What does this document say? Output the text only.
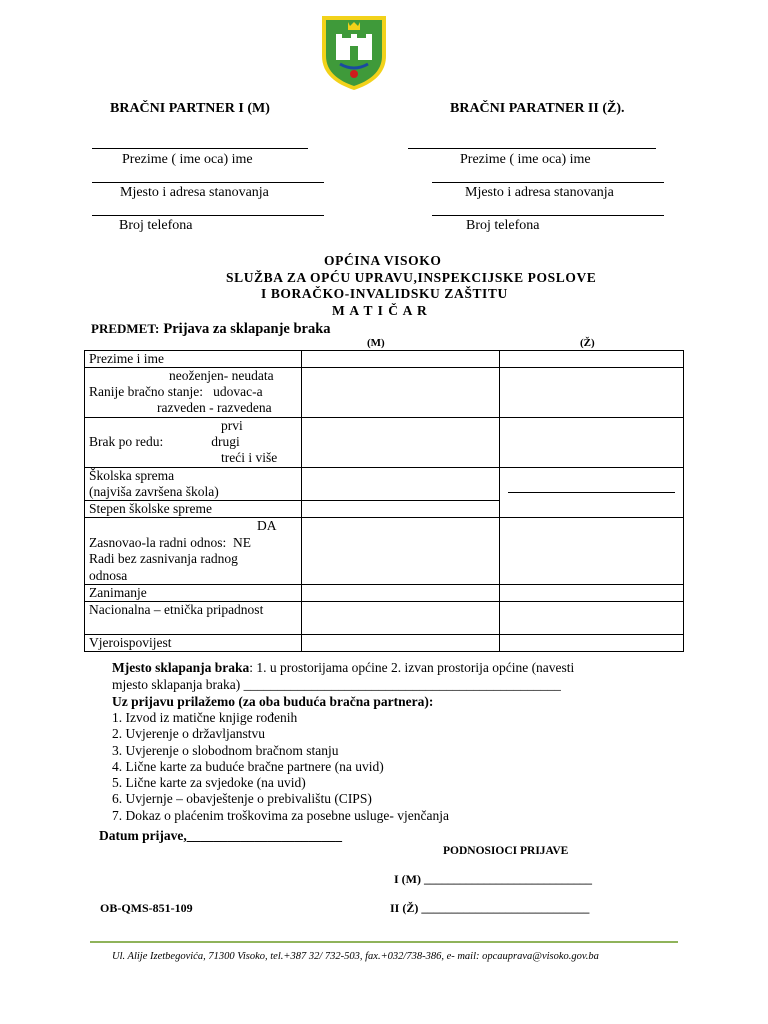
BRAČNI PARTNER I (M)	BRAČNI PARATNER II (Ž).
Prezime ( ime oca) ime	Prezime ( ime oca) ime
Mjesto i adresa stanovanja	Mjesto i adresa stanovanja
Broj telefona	Broj telefona
OPĆINA VISOKO
SLUŽBA ZA OPĆU UPRAVU,INSPEKCIJSKE POSLOVE
I BORAČKO-INVALIDSKU ZAŠTITU
M A T I Č A R
PREDMET: Prijava za sklapanje braka
(M)	(Ž)
Prezime i ime		

neoženjen- neudata
Ranije bračno stanje: udovac-a
razveden - razvedena		

prvi
Brak po redu: drugi
treći i više		

Školska sprema
(najviša završena škola)		

Stepen školske spreme		

DA
Zasnovao-la radni odnos: NE
Radi bez zasnivanja radnog
odnosa		

Zanimanje		
Nacionalna – etnička pripadnost		
Vjeroispovijest		
Mjesto sklapanja braka: 1. u prostorijama općine 2. izvan prostorija općine (navesti
mjesto sklapanja braka) _______________________________________________
Uz prijavu prilažemo (za oba buduća bračna partnera):
1. Izvod iz matične knjige rođenih
2. Uvjerenje o državljanstvu
3. Uvjerenje o slobodnom bračnom stanju
4. Lične karte za buduće bračne partnere (na uvid)
5. Lične karte za svjedoke (na uvid)
6. Uvjernje – obavještenje o prebivalištu (CIPS)
7. Dokaz o plaćenim troškovima za posebne usluge- vjenčanja
Datum prijave,_______________________
PODNOSIOCI PRIJAVE
I (M) ____________________________
II (Ž) ____________________________
OB-QMS-851-109
Ul. Alije Izetbegovića, 71300 Visoko, tel.+387 32/ 732-503, fax.+032/738-386, e- mail: opcauprava@visoko.gov.ba
